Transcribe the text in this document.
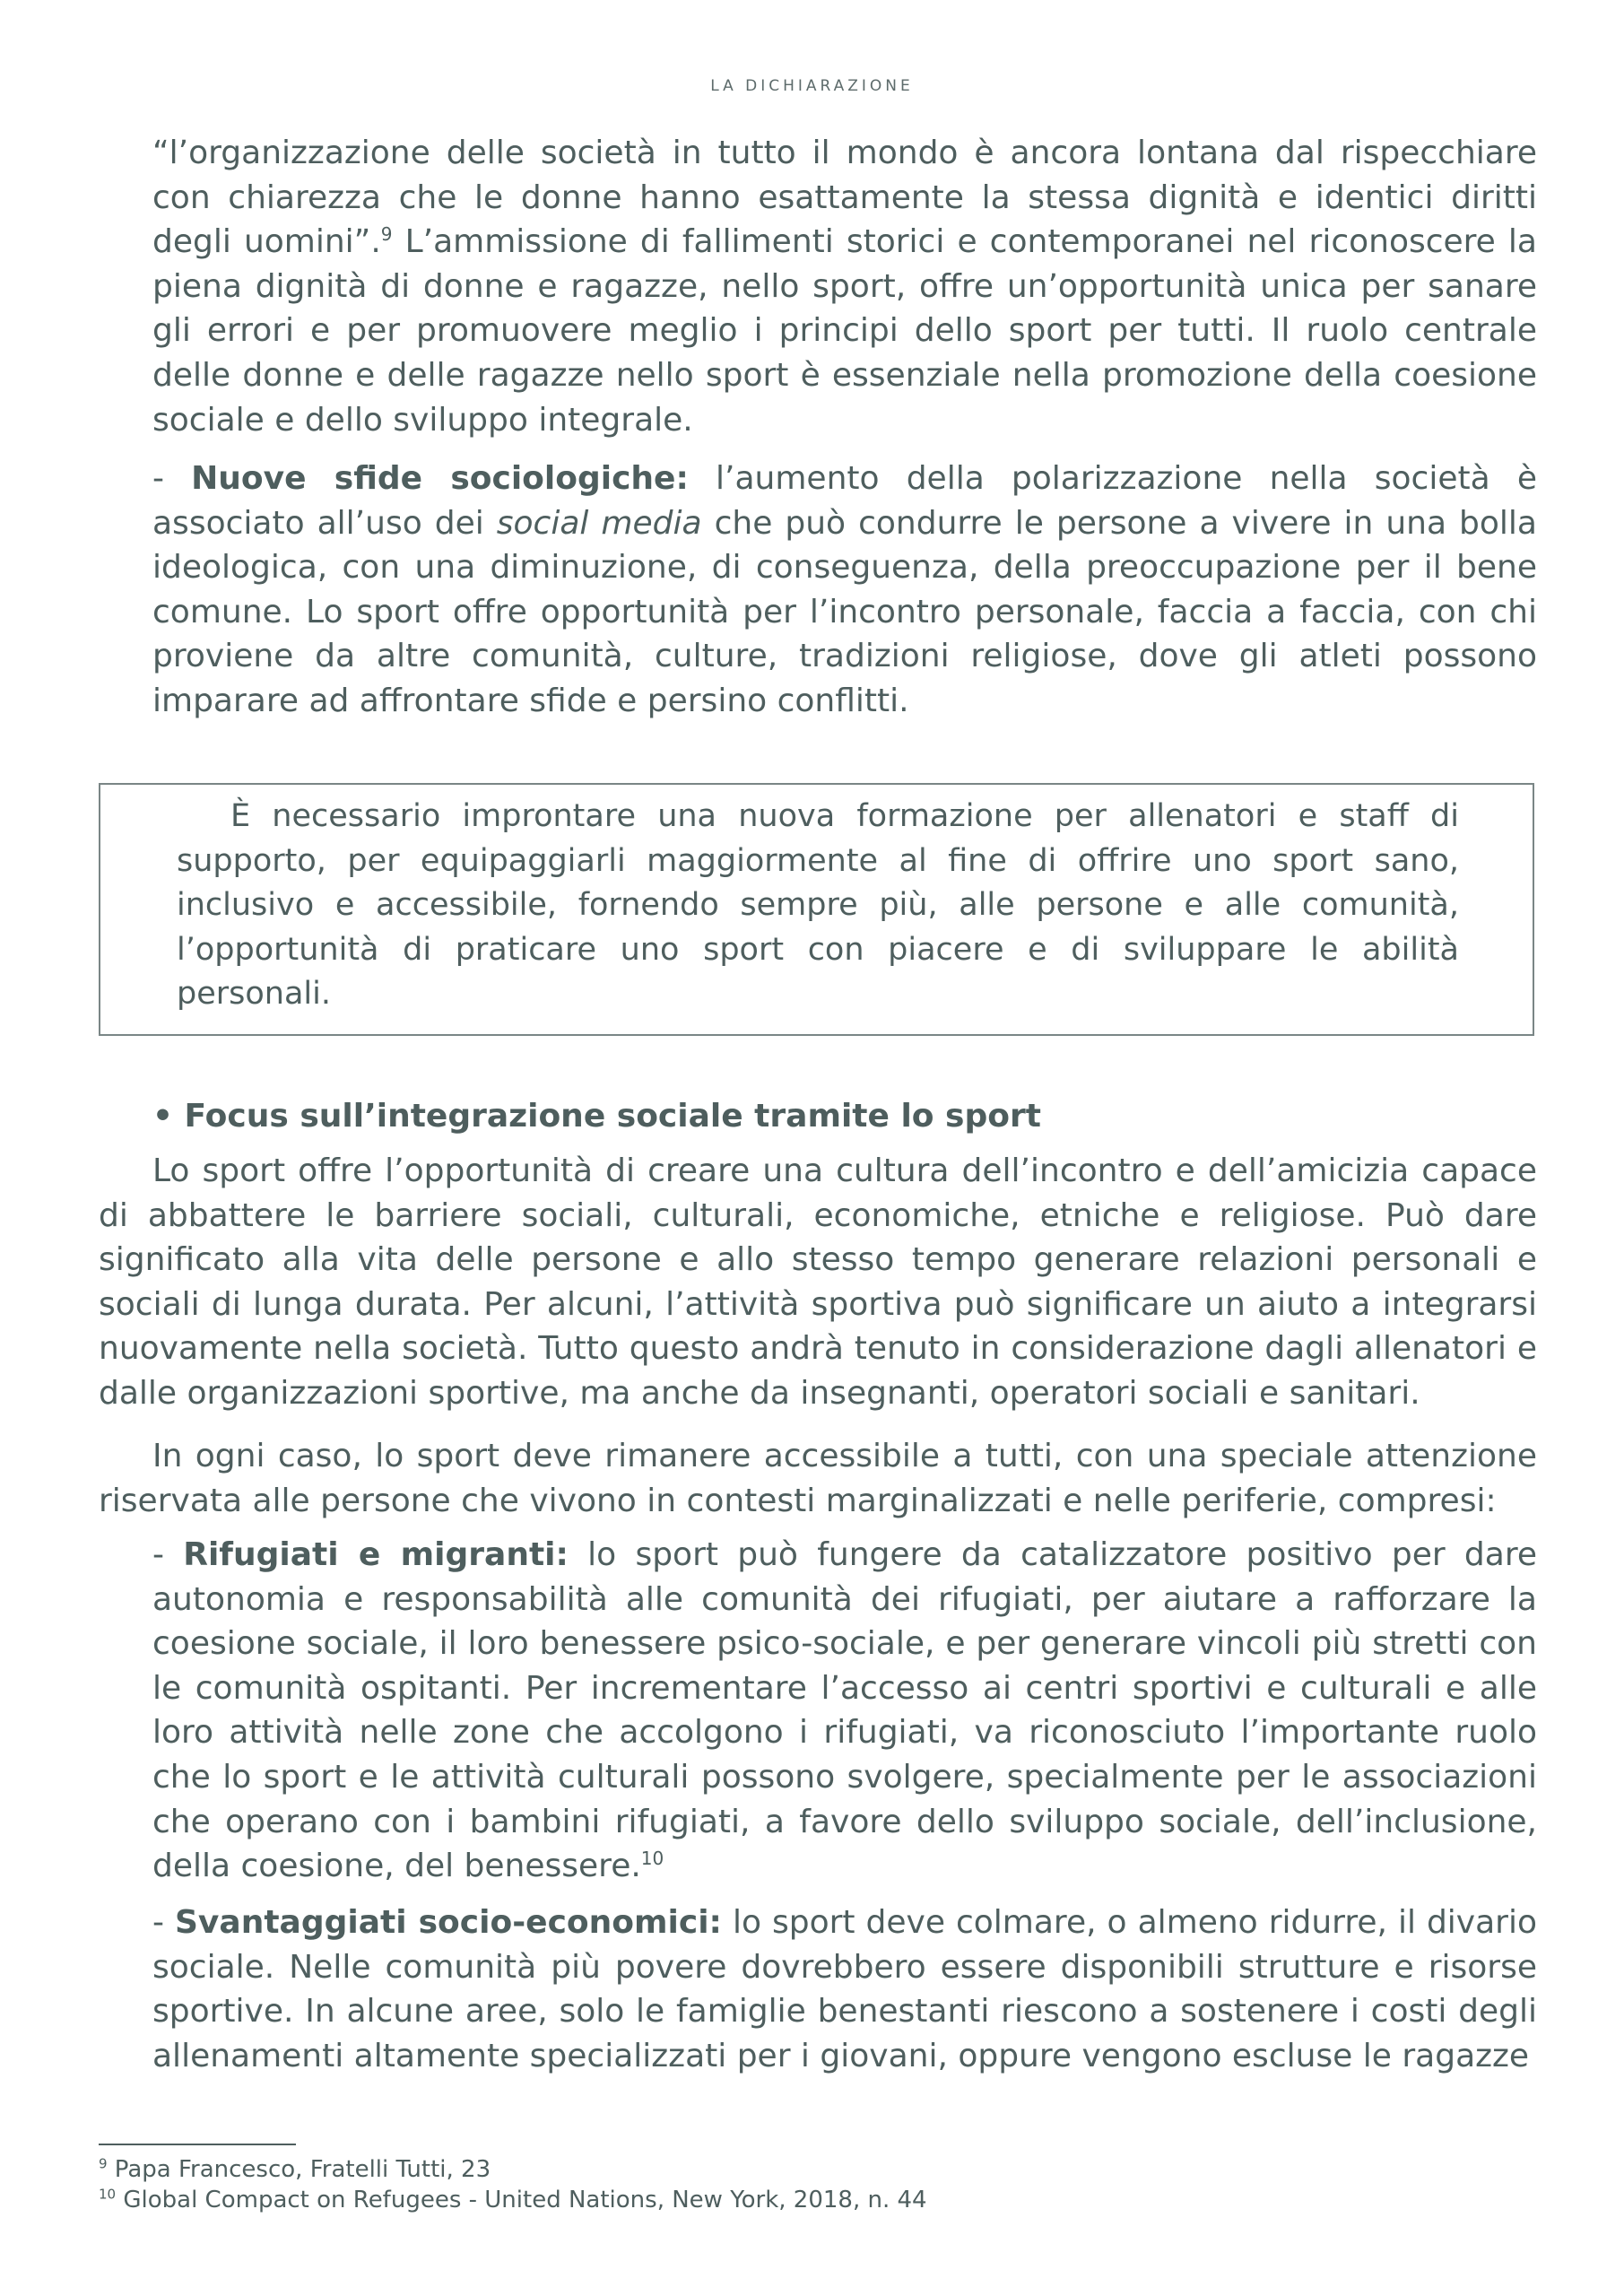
LA DICHIARAZIONE

“l’organizzazione delle società in tutto il mondo è ancora lontana dal rispecchiare con chiarezza che le donne hanno esattamente la stessa dignità e identici diritti degli uomini”.$^9$ L’ammissione di fallimenti storici e contemporanei nel riconoscere la piena dignità di donne e ragazze, nello sport, offre un’opportunità unica per sanare gli errori e per promuovere meglio i principi dello sport per tutti. Il ruolo centrale delle donne e delle ragazze nello sport è essenziale nella promozione della coesione sociale e dello sviluppo integrale.

- Nuove sfide sociologiche: l’aumento della polarizzazione nella società è associato all’uso dei social media che può condurre le persone a vivere in una bolla ideologica, con una diminuzione, di conseguenza, della preoccupazione per il bene comune. Lo sport offre opportunità per l’incontro personale, faccia a faccia, con chi proviene da altre comunità, culture, tradizioni religiose, dove gli atleti possono imparare ad affrontare sfide e persino conflitti.

È necessario improntare una nuova formazione per allenatori e staff di supporto, per equipaggiarli maggiormente al fine di offrire uno sport sano, inclusivo e accessibile, fornendo sempre più, alle persone e alle comunità, l’opportunità di praticare uno sport con piacere e di sviluppare le abilità personali.

• Focus sull’integrazione sociale tramite lo sport

Lo sport offre l’opportunità di creare una cultura dell’incontro e dell’amicizia capace di abbattere le barriere sociali, culturali, economiche, etniche e religiose. Può dare significato alla vita delle persone e allo stesso tempo generare relazioni personali e sociali di lunga durata. Per alcuni, l’attività sportiva può significare un aiuto a integrarsi nuovamente nella società. Tutto questo andrà tenuto in considerazione dagli allenatori e dalle organizzazioni sportive, ma anche da insegnanti, operatori sociali e sanitari.

In ogni caso, lo sport deve rimanere accessibile a tutti, con una speciale attenzione riservata alle persone che vivono in contesti marginalizzati e nelle periferie, compresi:

- Rifugiati e migranti: lo sport può fungere da catalizzatore positivo per dare autonomia e responsabilità alle comunità dei rifugiati, per aiutare a rafforzare la coesione sociale, il loro benessere psico-sociale, e per generare vincoli più stretti con le comunità ospitanti. Per incrementare l’accesso ai centri sportivi e culturali e alle loro attività nelle zone che accolgono i rifugiati, va riconosciuto l’importante ruolo che lo sport e le attività culturali possono svolgere, specialmente per le associazioni che operano con i bambini rifugiati, a favore dello sviluppo sociale, dell’inclusione, della coesione, del benessere.$^{10}$

- Svantaggiati socio-economici: lo sport deve colmare, o almeno ridurre, il divario sociale. Nelle comunità più povere dovrebbero essere disponibili strutture e risorse sportive. In alcune aree, solo le famiglie benestanti riescono a sostenere i costi degli allenamenti altamente specializzati per i giovani, oppure vengono escluse le ragazze

$^9$ Papa Francesco, Fratelli Tutti, 23

$^{10}$ Global Compact on Refugees - United Nations, New York, 2018, n. 44
